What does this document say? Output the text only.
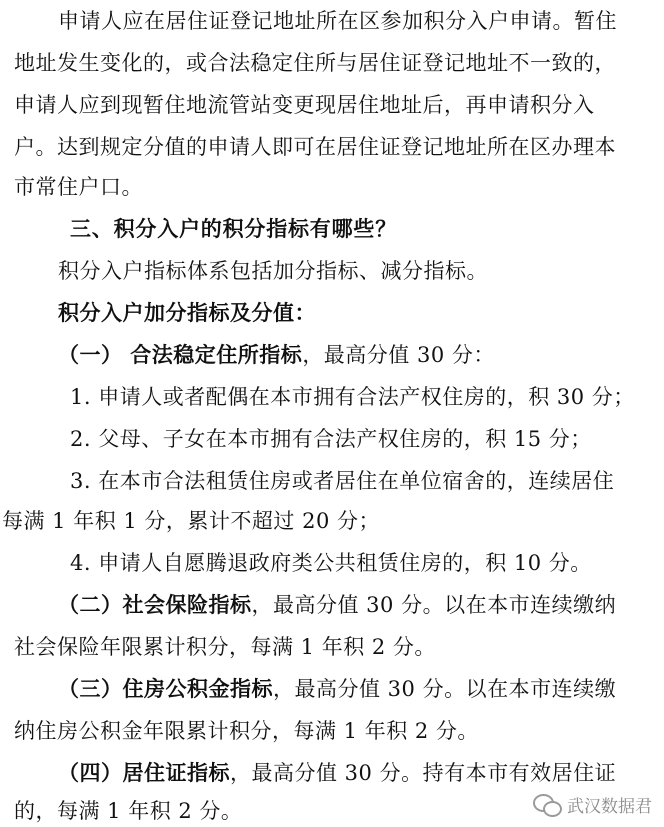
申请人应在居住证登记地址所在区参加积分入户申请。暂住
地址发生变化的，或合法稳定住所与居住证登记地址不一致的，
申请人应到现暂住地流管站变更现居住地址后，再申请积分入
户。达到规定分值的申请人即可在居住证登记地址所在区办理本
市常住户口。
三、积分入户的积分指标有哪些？
积分入户指标体系包括加分指标、减分指标。
积分入户加分指标及分值：
（一） 合法稳定住所指标，最高分值 30 分：
1. 申请人或者配偶在本市拥有合法产权住房的，积 30 分；
2. 父母、子女在本市拥有合法产权住房的，积 15 分；
3. 在本市合法租赁住房或者居住在单位宿舍的，连续居住
每满 1 年积 1 分，累计不超过 20 分；
4. 申请人自愿腾退政府类公共租赁住房的，积 10 分。
（二）社会保险指标，最高分值 30 分。以在本市连续缴纳
社会保险年限累计积分，每满 1 年积 2 分。
（三）住房公积金指标，最高分值 30 分。以在本市连续缴
纳住房公积金年限累计积分，每满 1 年积 2 分。
（四）居住证指标，最高分值 30 分。持有本市有效居住证
的，每满 1 年积 2 分。	武汉数据君
